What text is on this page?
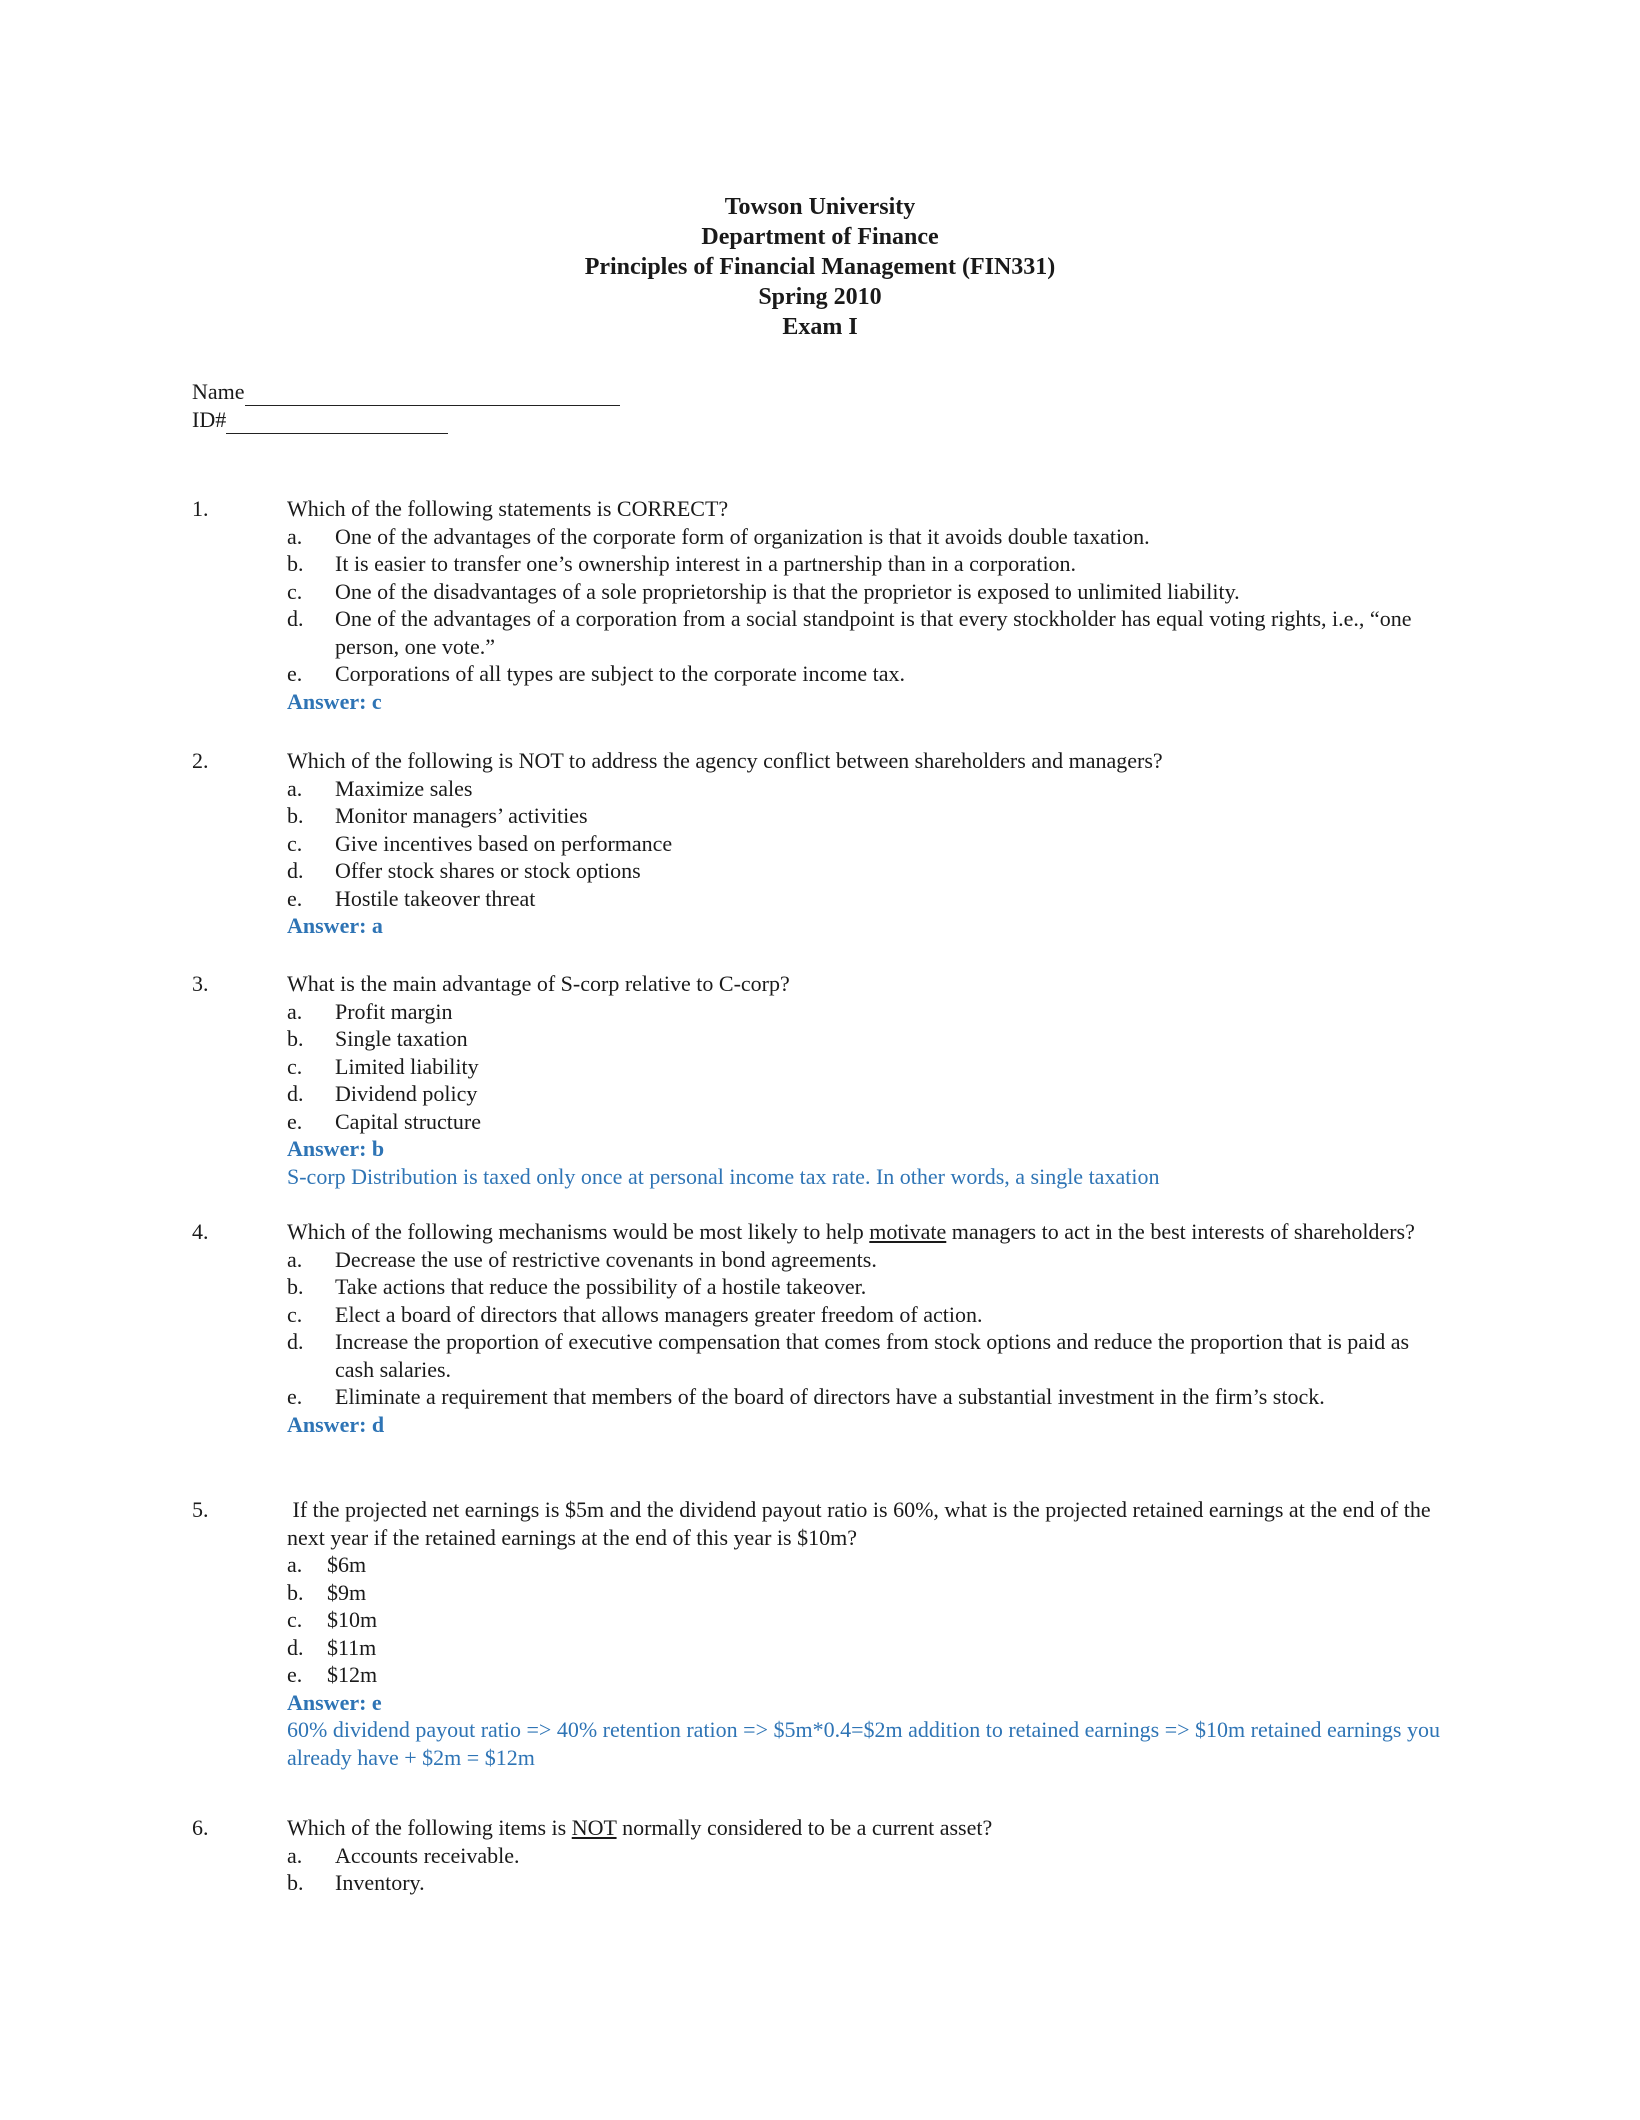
Towson University
Department of Finance
Principles of Financial Management (FIN331)
Spring 2010
Exam I
Name
ID#
1.	Which of the following statements is CORRECT?
a.	One of the advantages of the corporate form of organization is that it avoids double taxation.
b.	It is easier to transfer one’s ownership interest in a partnership than in a corporation.
c.	One of the disadvantages of a sole proprietorship is that the proprietor is exposed to unlimited liability.
d.	One of the advantages of a corporation from a social standpoint is that every stockholder has equal voting rights, i.e., “one person, one vote.”
e.	Corporations of all types are subject to the corporate income tax.
Answer: c
2.	Which of the following is NOT to address the agency conflict between shareholders and managers?
a.	Maximize sales
b.	Monitor managers’ activities
c.	Give incentives based on performance
d.	Offer stock shares or stock options
e.	Hostile takeover threat
Answer: a
3.	What is the main advantage of S-corp relative to C-corp?
a.	Profit margin
b.	Single taxation
c.	Limited liability
d.	Dividend policy
e.	Capital structure
Answer: b
S-corp Distribution is taxed only once at personal income tax rate. In other words, a single taxation
4.	Which of the following mechanisms would be most likely to help motivate managers to act in the best interests of shareholders?
a.	Decrease the use of restrictive covenants in bond agreements.
b.	Take actions that reduce the possibility of a hostile takeover.
c.	Elect a board of directors that allows managers greater freedom of action.
d.	Increase the proportion of executive compensation that comes from stock options and reduce the proportion that is paid as cash salaries.
e.	Eliminate a requirement that members of the board of directors have a substantial investment in the firm’s stock.
Answer: d
5.	If the projected net earnings is $5m and the dividend payout ratio is 60%, what is the projected retained earnings at the end of the next year if the retained earnings at the end of this year is $10m?
a.	$6m
b.	$9m
c.	$10m
d.	$11m
e.	$12m
Answer: e
60% dividend payout ratio => 40% retention ration => $5m*0.4=$2m addition to retained earnings => $10m retained earnings you already have + $2m = $12m
6.	Which of the following items is NOT normally considered to be a current asset?
a.	Accounts receivable.
b.	Inventory.
